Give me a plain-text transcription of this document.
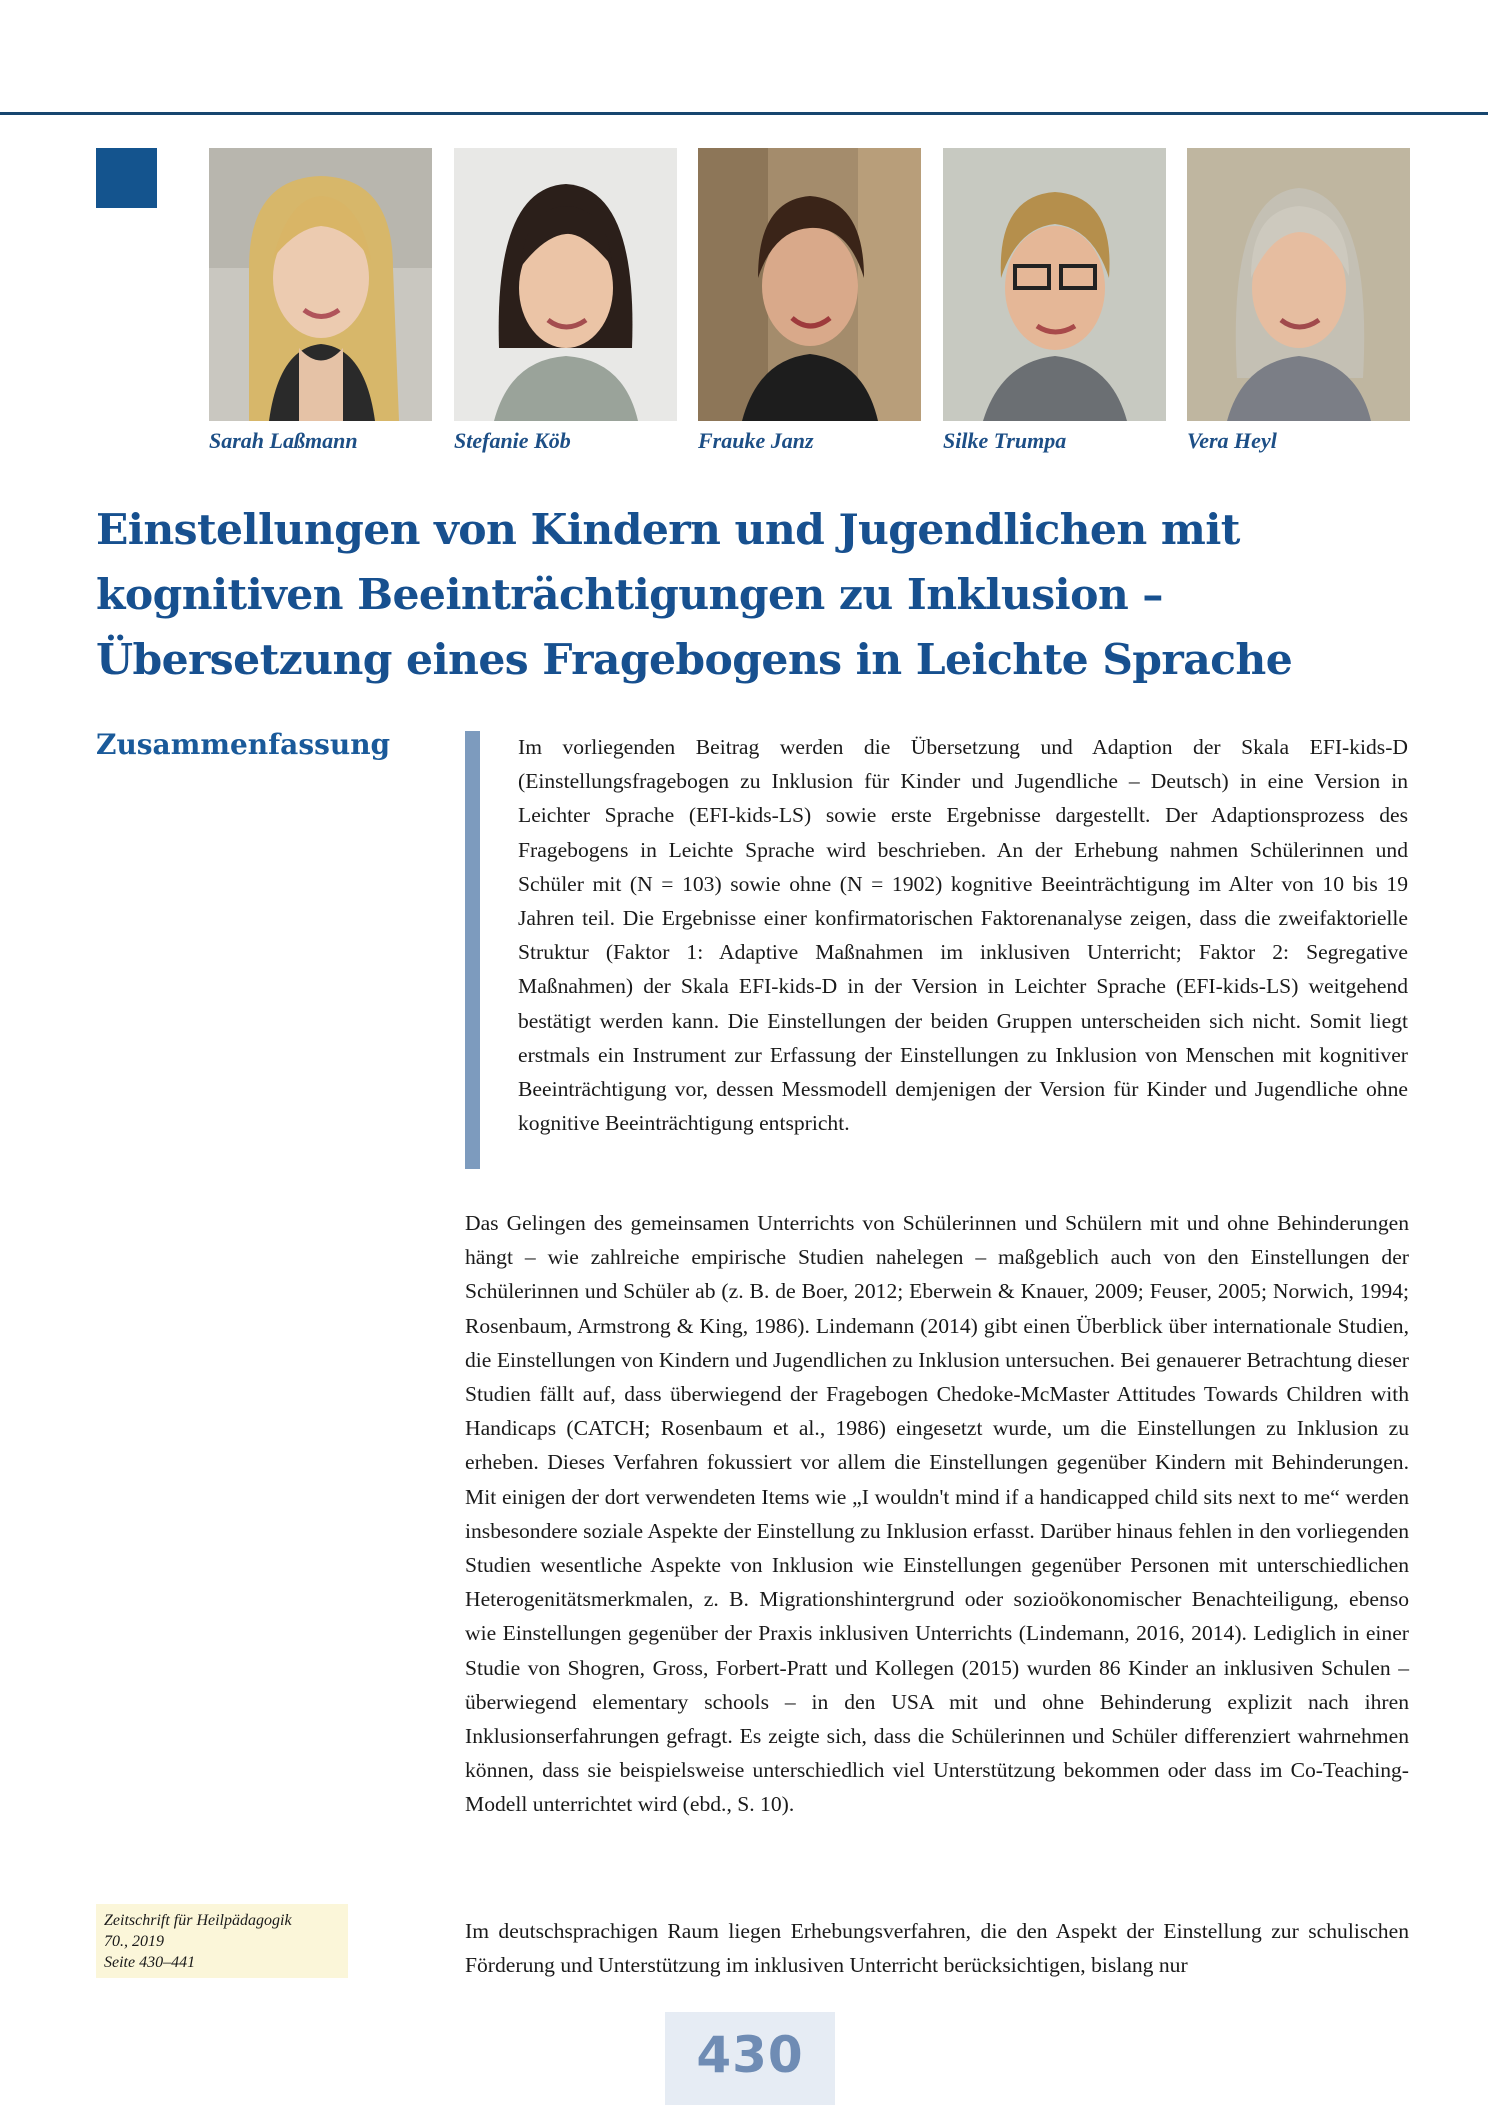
Sarah Laßmann	Stefanie Köb	Frauke Janz	Silke Trumpa	Vera Heyl
Einstellungen von Kindern und Jugendlichen mit
kognitiven Beeinträchtigungen zu Inklusion –
Übersetzung eines Fragebogens in Leichte Sprache
Zusammenfassung	Im vorliegenden Beitrag werden die Übersetzung und Adaption der Skala EFI-kids-D (Einstellungsfragebogen zu Inklusion für Kinder und Jugendliche – Deutsch) in eine Version in Leichter Sprache (EFI-kids-LS) sowie erste Ergebnisse dargestellt. Der Adaptionsprozess des Fragebogens in Leichte Sprache wird beschrieben. An der Erhebung nahmen Schülerinnen und Schüler mit (N = 103) sowie ohne (N = 1902) kognitive Beeinträchtigung im Alter von 10 bis 19 Jahren teil. Die Ergebnisse einer konfirmatorischen Faktorenanalyse zeigen, dass die zweifaktorielle Struktur (Faktor 1: Adaptive Maßnahmen im inklusiven Unterricht; Faktor 2: Segregative Maßnahmen) der Skala EFI-kids-D in der Version in Leichter Sprache (EFI-kids-LS) weitgehend bestätigt werden kann. Die Einstellungen der beiden Gruppen unterscheiden sich nicht. Somit liegt erstmals ein Instrument zur Erfassung der Einstellungen zu Inklusion von Menschen mit kognitiver Beeinträchtigung vor, dessen Messmodell demjenigen der Version für Kinder und Jugendliche ohne kognitive Beeinträchtigung entspricht.

Das Gelingen des gemeinsamen Unterrichts von Schülerinnen und Schülern mit und ohne Behinderungen hängt – wie zahlreiche empirische Studien nahelegen – maßgeblich auch von den Einstellungen der Schülerinnen und Schüler ab (z. B. de Boer, 2012; Eberwein & Knauer, 2009; Feuser, 2005; Norwich, 1994; Rosenbaum, Armstrong & King, 1986). Lindemann (2014) gibt einen Überblick über internationale Studien, die Einstellungen von Kindern und Jugendlichen zu Inklusion untersuchen. Bei genauerer Betrachtung dieser Studien fällt auf, dass überwiegend der Fragebogen Chedoke-McMaster Attitudes Towards Children with Handicaps (CATCH; Rosenbaum et al., 1986) eingesetzt wurde, um die Einstellungen zu Inklusion zu erheben. Dieses Verfahren fokussiert vor allem die Einstellungen gegenüber Kindern mit Behinderungen. Mit einigen der dort verwendeten Items wie „I wouldn't mind if a handicapped child sits next to me“ werden insbesondere soziale Aspekte der Einstellung zu Inklusion erfasst. Darüber hinaus fehlen in den vorliegenden Studien wesentliche Aspekte von Inklusion wie Einstellungen gegenüber Personen mit unterschiedlichen Heterogenitätsmerkmalen, z. B. Migrationshintergrund oder sozioökonomischer Benachteiligung, ebenso wie Einstellungen gegenüber der Praxis inklusiven Unterrichts (Lindemann, 2016, 2014). Lediglich in einer Studie von Shogren, Gross, Forbert-Pratt und Kollegen (2015) wurden 86 Kinder an inklusiven Schulen – überwiegend elementary schools – in den USA mit und ohne Behinderung explizit nach ihren Inklusionserfahrungen gefragt. Es zeigte sich, dass die Schülerinnen und Schüler differenziert wahrnehmen können, dass sie beispielsweise unterschiedlich viel Unterstützung bekommen oder dass im Co-Teaching-Modell unterrichtet wird (ebd., S. 10).

Im deutschsprachigen Raum liegen Erhebungsverfahren, die den Aspekt der Einstellung zur schulischen Förderung und Unterstützung im inklusiven Unterricht berücksichtigen, bislang nur

Zeitschrift für Heilpädagogik
70., 2019
Seite 430–441
430
